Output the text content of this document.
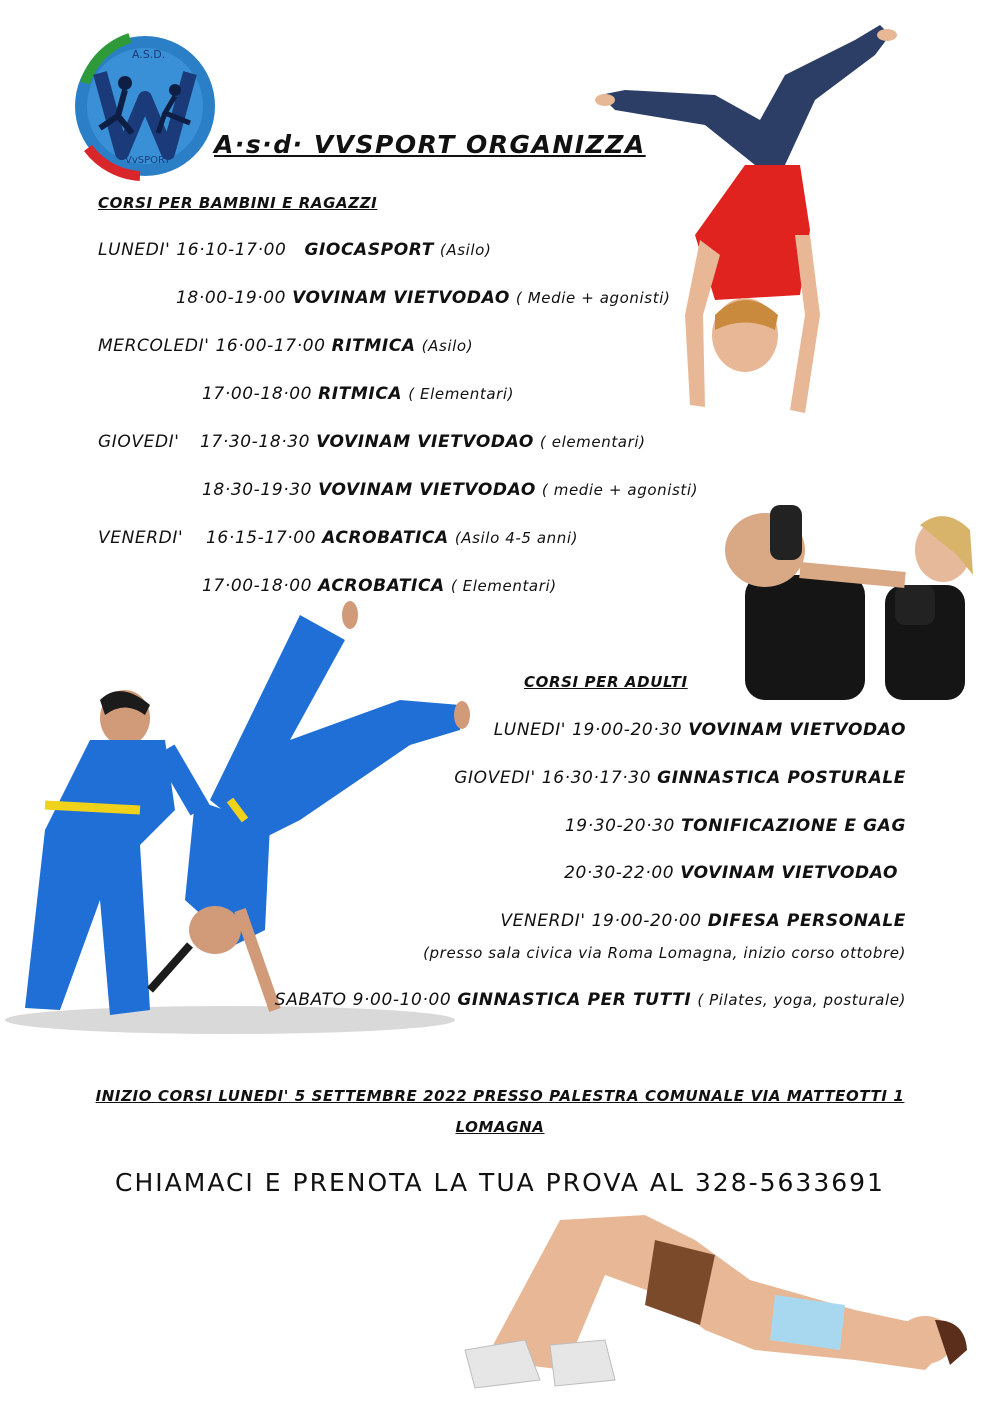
A.S.D.
VvSPORT
A·s·d· VVSPORT ORGANIZZA
CORSI PER BAMBINI E RAGAZZI
LUNEDI' 16·10-17·00 GIOCASPORT (Asilo)
18·00-19·00 VOVINAM VIETVODAO ( Medie + agonisti)
MERCOLEDI' 16·00-17·00 RITMICA (Asilo)
17·00-18·00 RITMICA ( Elementari)
GIOVEDI' 17·30-18·30 VOVINAM VIETVODAO ( elementari)
18·30-19·30 VOVINAM VIETVODAO ( medie + agonisti)
VENERDI' 16·15-17·00 ACROBATICA (Asilo 4-5 anni)
17·00-18·00 ACROBATICA ( Elementari)
CORSI PER ADULTI
LUNEDI' 19·00-20·30 VOVINAM VIETVODAO
GIOVEDI' 16·30·17·30 GINNASTICA POSTURALE
19·30-20·30 TONIFICAZIONE E GAG
20·30-22·00 VOVINAM VIETVODAO
VENERDI' 19·00-20·00 DIFESA PERSONALE
(presso sala civica via Roma Lomagna, inizio corso ottobre)
SABATO 9·00-10·00 GINNASTICA PER TUTTI ( Pilates, yoga, posturale)
INIZIO CORSI LUNEDI' 5 SETTEMBRE 2022 PRESSO PALESTRA COMUNALE VIA MATTEOTTI 1
LOMAGNA
CHIAMACI E PRENOTA LA TUA PROVA AL 328-5633691
